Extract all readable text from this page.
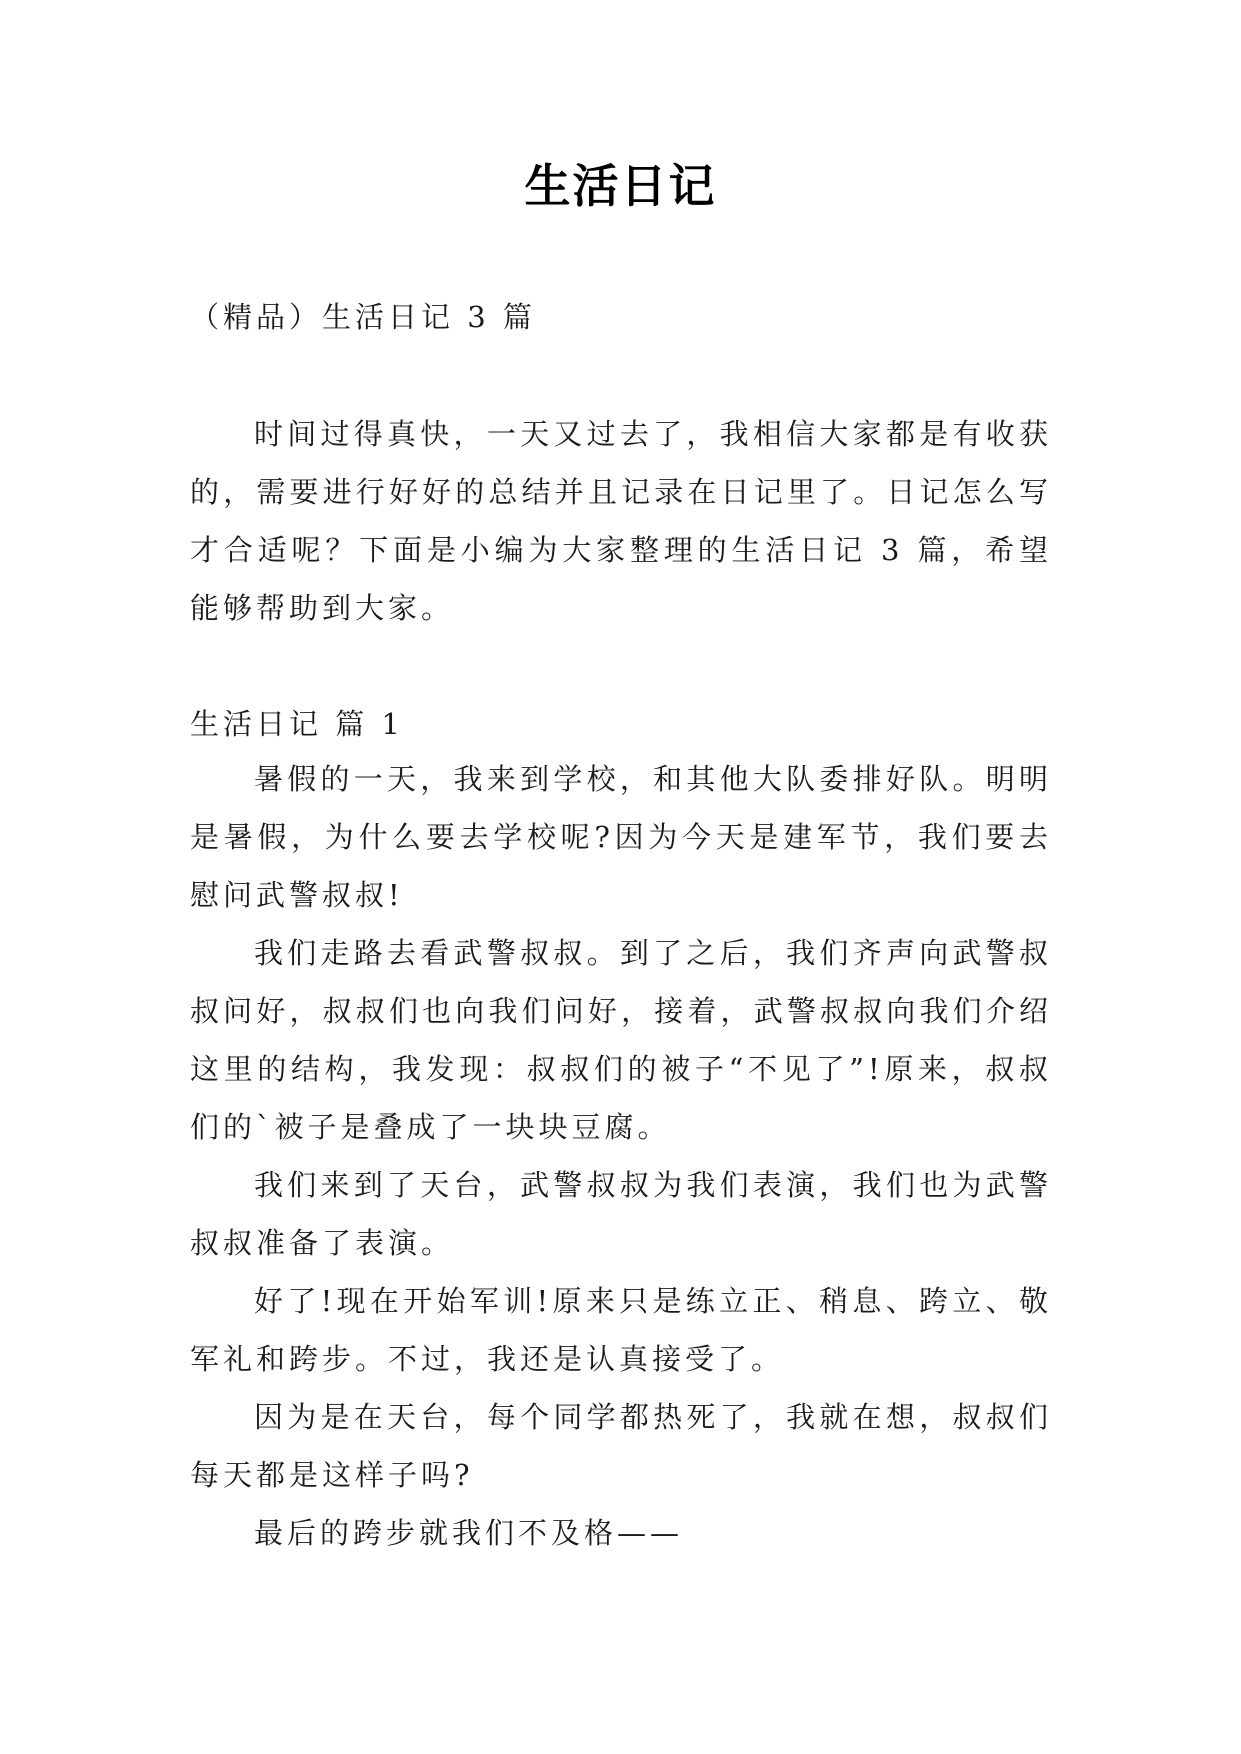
生活日记
（精品）生活日记 3 篇

时间过得真快，一天又过去了，我相信大家都是有收获的，需要进行好好的总结并且记录在日记里了。日记怎么写才合适呢？下面是小编为大家整理的生活日记 3 篇，希望能够帮助到大家。

生活日记 篇 1

暑假的一天，我来到学校，和其他大队委排好队。明明是暑假，为什么要去学校呢?因为今天是建军节，我们要去慰问武警叔叔!

我们走路去看武警叔叔。到了之后，我们齐声向武警叔叔问好，叔叔们也向我们问好，接着，武警叔叔向我们介绍这里的结构，我发现：叔叔们的被子“不见了”!原来，叔叔们的`被子是叠成了一块块豆腐。

我们来到了天台，武警叔叔为我们表演，我们也为武警叔叔准备了表演。

好了!现在开始军训!原来只是练立正、稍息、跨立、敬军礼和跨步。不过，我还是认真接受了。

因为是在天台，每个同学都热死了，我就在想，叔叔们每天都是这样子吗?

最后的跨步就我们不及格——
